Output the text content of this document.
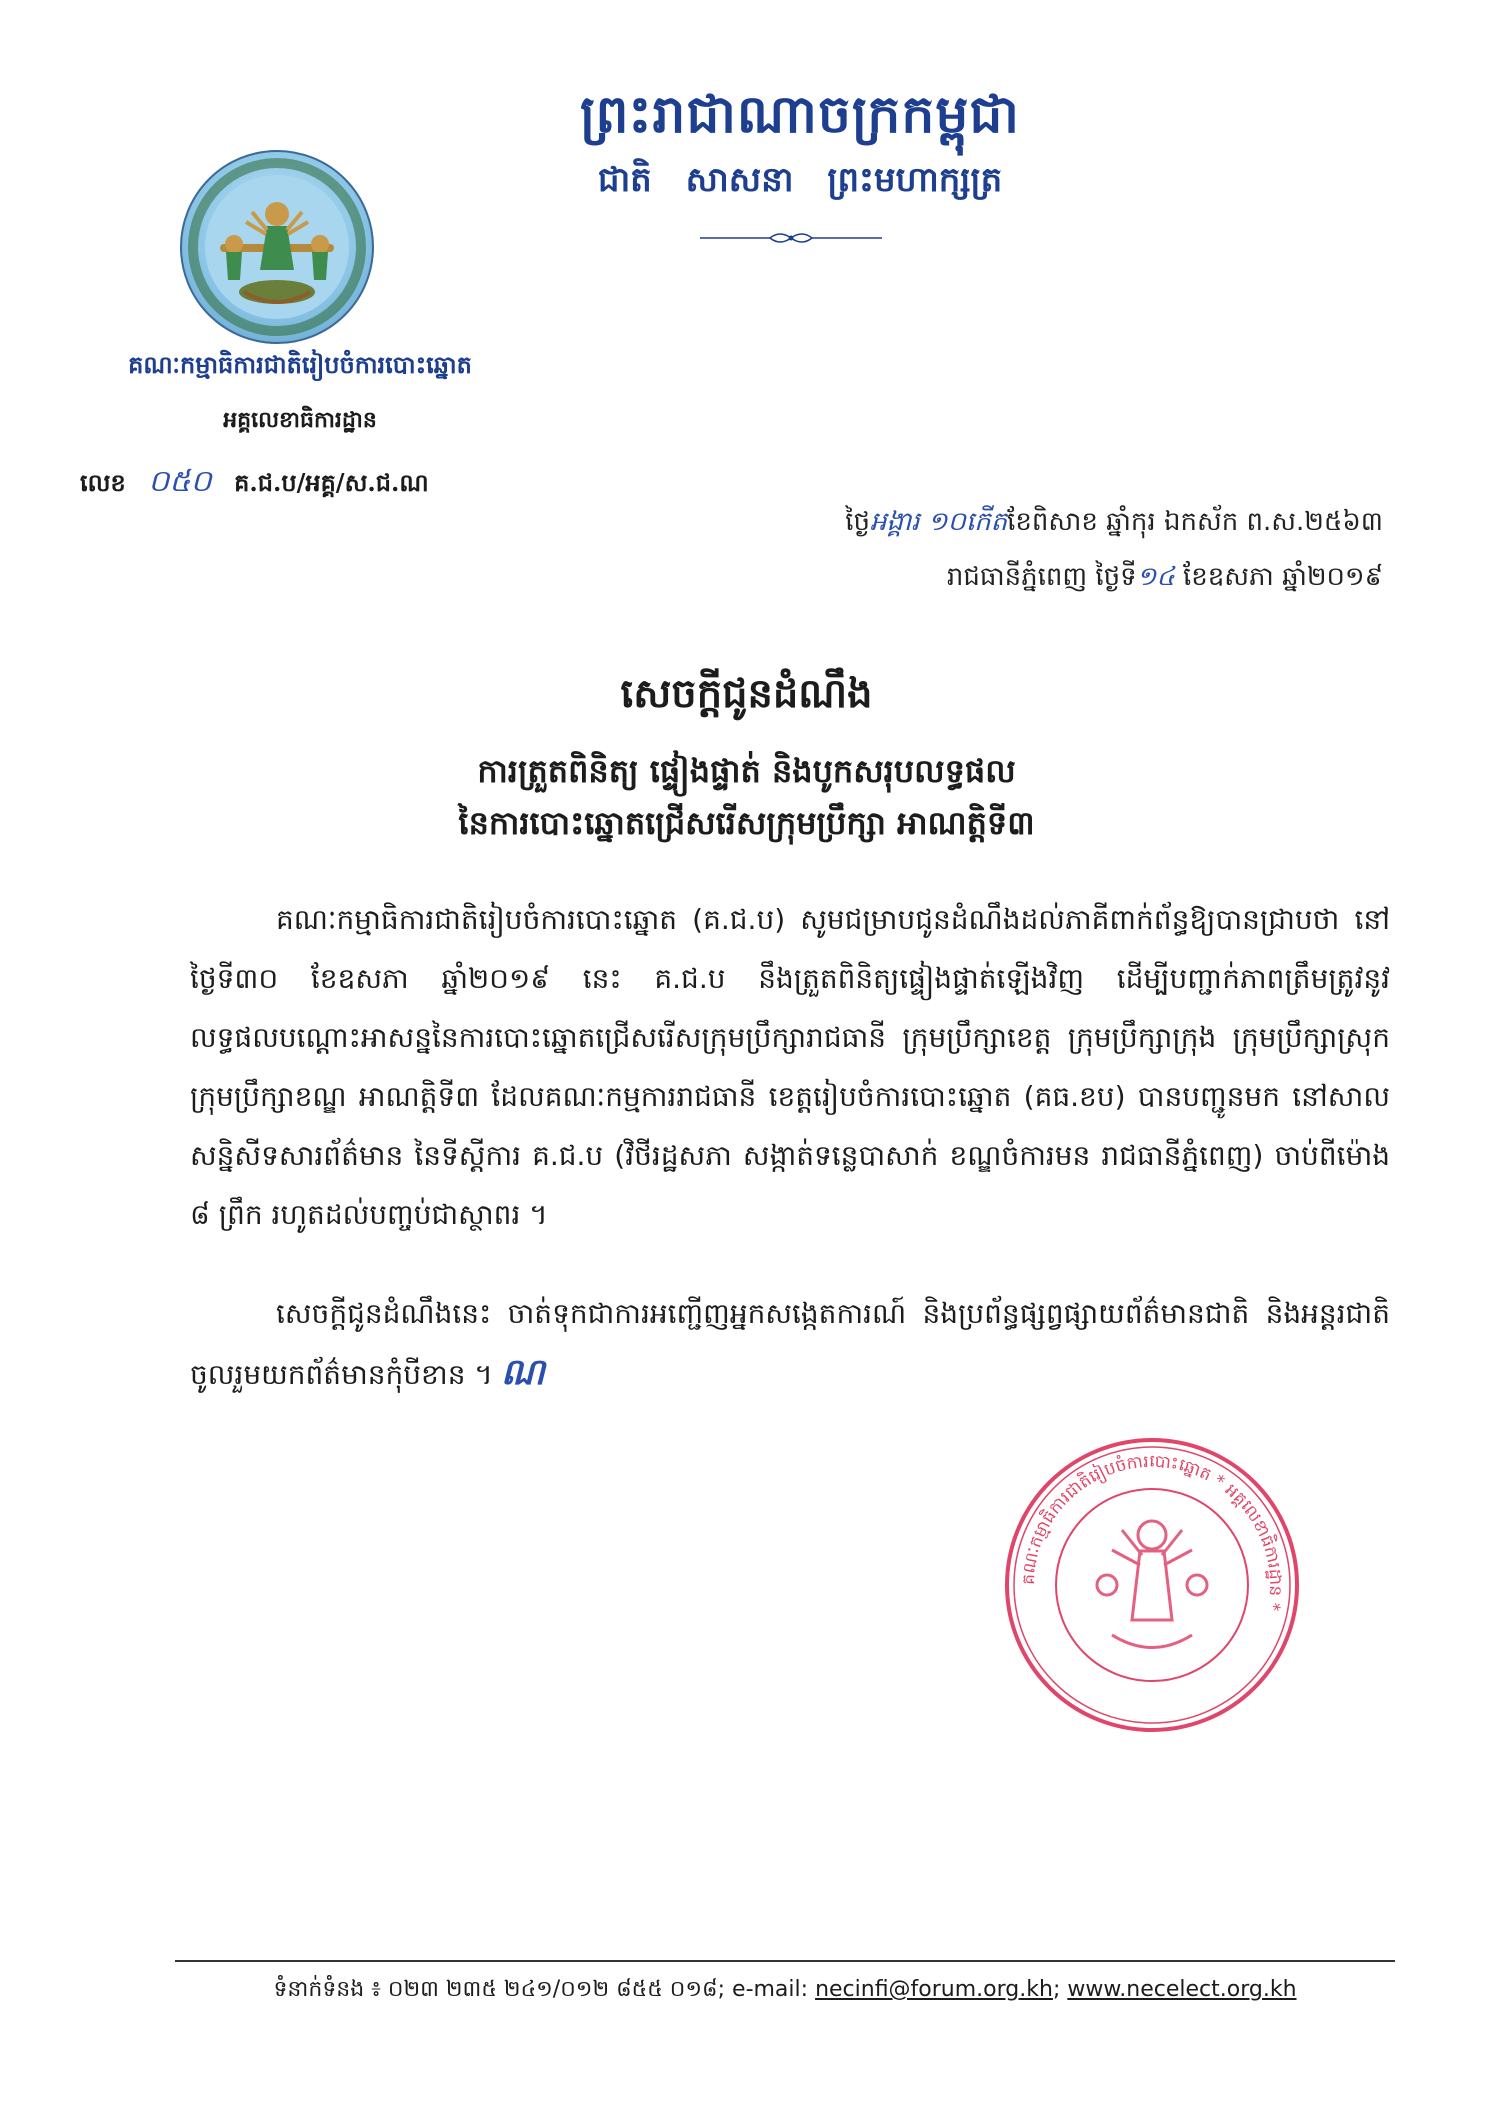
ព្រះរាជាណាចក្រកម្ពុជា
ជាតិ សាសនា ព្រះមហាក្សត្រ
គណៈកម្មាធិការជាតិរៀបចំការបោះឆ្នោត
អគ្គលេខាធិការដ្ឋាន
លេខ ០៥០ គ.ជ.ប/អគ្គ/ស.ជ.ណ
ថ្ងៃអង្គារ ១០កើតខែពិសាខ ឆ្នាំកុរ ឯកស័ក ព.ស.២៥៦៣
រាជធានីភ្នំពេញ ថ្ងៃទី១៤ ខែឧសភា ឆ្នាំ២០១៩
សេចក្តីជូនដំណឹង
ការត្រួតពិនិត្យ ផ្ទៀងផ្ទាត់ និងបូកសរុបលទ្ធផល
នៃការបោះឆ្នោតជ្រើសរើសក្រុមប្រឹក្សា អាណត្តិទី៣

គណៈកម្មាធិការជាតិរៀបចំការបោះឆ្នោត (គ.ជ.ប) សូមជម្រាបជូនដំណឹងដល់ភាគីពាក់ព័ន្ធឱ្យបានជ្រាបថា នៅថ្ងៃទី៣០ ខែឧសភា ឆ្នាំ២០១៩ នេះ គ.ជ.ប នឹងត្រួតពិនិត្យផ្ទៀងផ្ទាត់ឡើងវិញ ដើម្បីបញ្ជាក់ភាពត្រឹមត្រូវនូវលទ្ធផលបណ្តោះអាសន្ននៃការបោះឆ្នោតជ្រើសរើសក្រុមប្រឹក្សារាជធានី ក្រុមប្រឹក្សាខេត្ត ក្រុមប្រឹក្សាក្រុង ក្រុមប្រឹក្សាស្រុក ក្រុមប្រឹក្សាខណ្ឌ អាណត្តិទី៣ ដែលគណៈកម្មការរាជធានី ខេត្តរៀបចំការបោះឆ្នោត (គធ.ខប) បានបញ្ជូនមក នៅសាលសន្និសីទសារព័ត៌មាន នៃទីស្តីការ គ.ជ.ប (វិថីរដ្ឋសភា សង្កាត់ទន្លេបាសាក់ ខណ្ឌចំការមន រាជធានីភ្នំពេញ) ចាប់ពីម៉ោង ៨ ព្រឹក រហូតដល់បញ្ចប់ជាស្ថាពរ ។

សេចក្តីជូនដំណឹងនេះ ចាត់ទុកជាការអញ្ជើញអ្នកសង្កេតការណ៍ និងប្រព័ន្ធផ្សព្វផ្សាយព័ត៌មានជាតិ និងអន្តរជាតិចូលរួមយកព័ត៌មានកុំបីខាន ។ ណ

គណៈកម្មាធិការជាតិរៀបចំការបោះឆ្នោត * អគ្គលេខាធិការដ្ឋាន *
ទំនាក់ទំនង ៖ ០២៣ ២៣៥ ២៤១/០១២ ៨៥៥ ០១៨; e-mail: necinfi@forum.org.kh; www.necelect.org.kh
